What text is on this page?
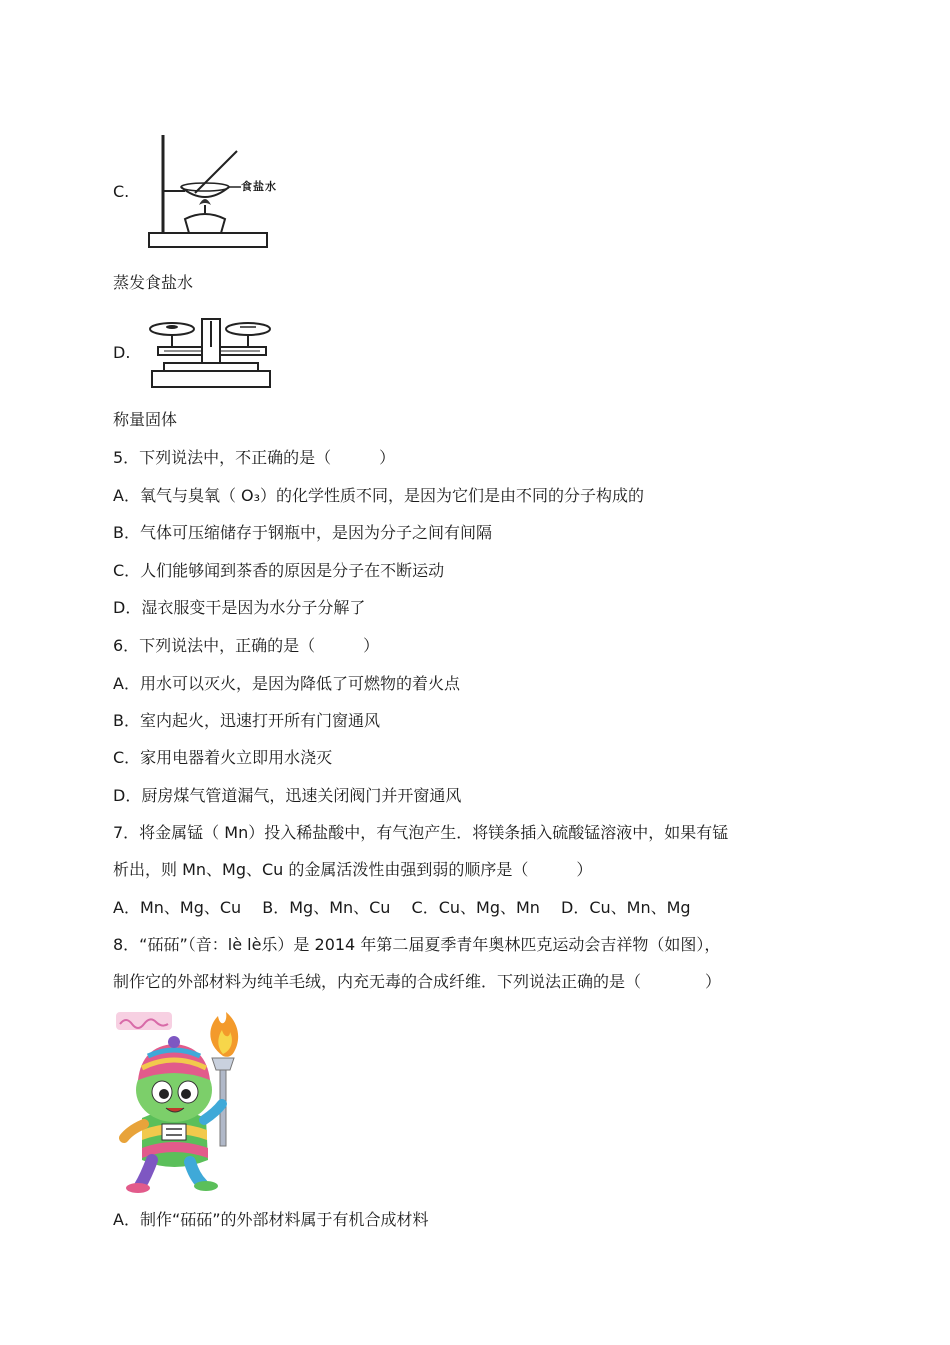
C.	食盐水
蒸发食盐水
D.
称量固体
5．下列说法中，不正确的是（　　　）
A．氧气与臭氧（ O₃）的化学性质不同，是因为它们是由不同的分子构成的
B．气体可压缩储存于钢瓶中，是因为分子之间有间隔
C．人们能够闻到茶香的原因是分子在不断运动
D．湿衣服变干是因为水分子分解了
6．下列说法中，正确的是（　　　）
A．用水可以灭火，是因为降低了可燃物的着火点
B．室内起火，迅速打开所有门窗通风
C．家用电器着火立即用水浇灭
D．厨房煤气管道漏气，迅速关闭阀门并开窗通风
7．将金属锰（ Mn）投入稀盐酸中，有气泡产生．将镁条插入硫酸锰溶液中，如果有锰
析出，则 Mn、Mg、Cu 的金属活泼性由强到弱的顺序是（　　　）
A．Mn、Mg、Cu　 B．Mg、Mn、Cu　 C．Cu、Mg、Mn　 D．Cu、Mn、Mg
8．“砳砳”（音：lè lè乐）是 2014 年第二届夏季青年奥林匹克运动会吉祥物（如图），
制作它的外部材料为纯羊毛绒，内充无毒的合成纤维．下列说法正确的是（　　　　）
A．制作“砳砳”的外部材料属于有机合成材料
